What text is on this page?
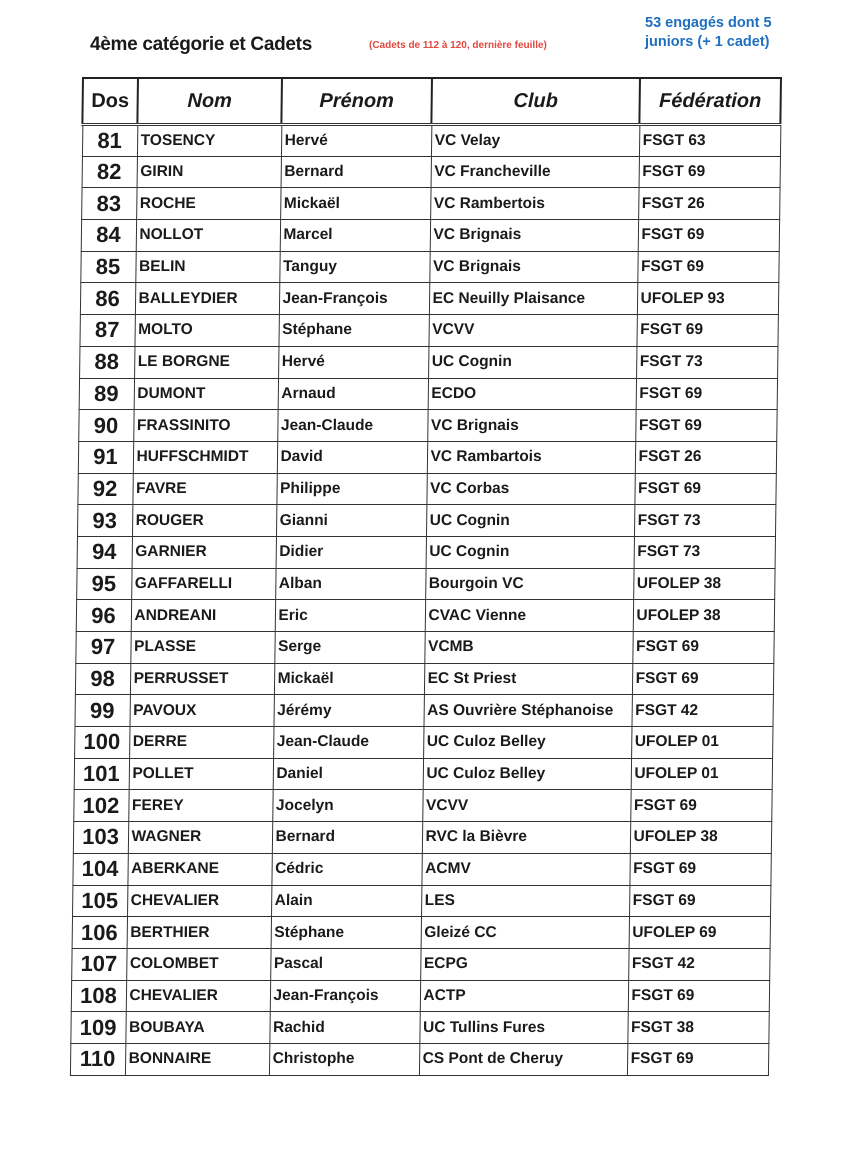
4ème catégorie et Cadets	(Cadets de 112 à 120, dernière feuille)
53 engagés dont 5 juniors (+ 1 cadet)
Dos	Nom	Prénom	Club	Fédération
81	TOSENCY	Hervé	VC Velay	FSGT 63
82	GIRIN	Bernard	VC Francheville	FSGT 69
83	ROCHE	Mickaël	VC Rambertois	FSGT 26
84	NOLLOT	Marcel	VC Brignais	FSGT 69
85	BELIN	Tanguy	VC Brignais	FSGT 69
86	BALLEYDIER	Jean-François	EC Neuilly Plaisance	UFOLEP 93
87	MOLTO	Stéphane	VCVV	FSGT 69
88	LE BORGNE	Hervé	UC Cognin	FSGT 73
89	DUMONT	Arnaud	ECDO	FSGT 69
90	FRASSINITO	Jean-Claude	VC Brignais	FSGT 69
91	HUFFSCHMIDT	David	VC Rambartois	FSGT 26
92	FAVRE	Philippe	VC Corbas	FSGT 69
93	ROUGER	Gianni	UC Cognin	FSGT 73
94	GARNIER	Didier	UC Cognin	FSGT 73
95	GAFFARELLI	Alban	Bourgoin VC	UFOLEP 38
96	ANDREANI	Eric	CVAC Vienne	UFOLEP 38
97	PLASSE	Serge	VCMB	FSGT 69
98	PERRUSSET	Mickaël	EC St Priest	FSGT 69
99	PAVOUX	Jérémy	AS Ouvrière Stéphanoise	FSGT 42
100	DERRE	Jean-Claude	UC Culoz Belley	UFOLEP 01
101	POLLET	Daniel	UC Culoz Belley	UFOLEP 01
102	FEREY	Jocelyn	VCVV	FSGT 69
103	WAGNER	Bernard	RVC la Bièvre	UFOLEP 38
104	ABERKANE	Cédric	ACMV	FSGT 69
105	CHEVALIER	Alain	LES	FSGT 69
106	BERTHIER	Stéphane	Gleizé CC	UFOLEP 69
107	COLOMBET	Pascal	ECPG	FSGT 42
108	CHEVALIER	Jean-François	ACTP	FSGT 69
109	BOUBAYA	Rachid	UC Tullins Fures	FSGT 38
110	BONNAIRE	Christophe	CS Pont de Cheruy	FSGT 69
